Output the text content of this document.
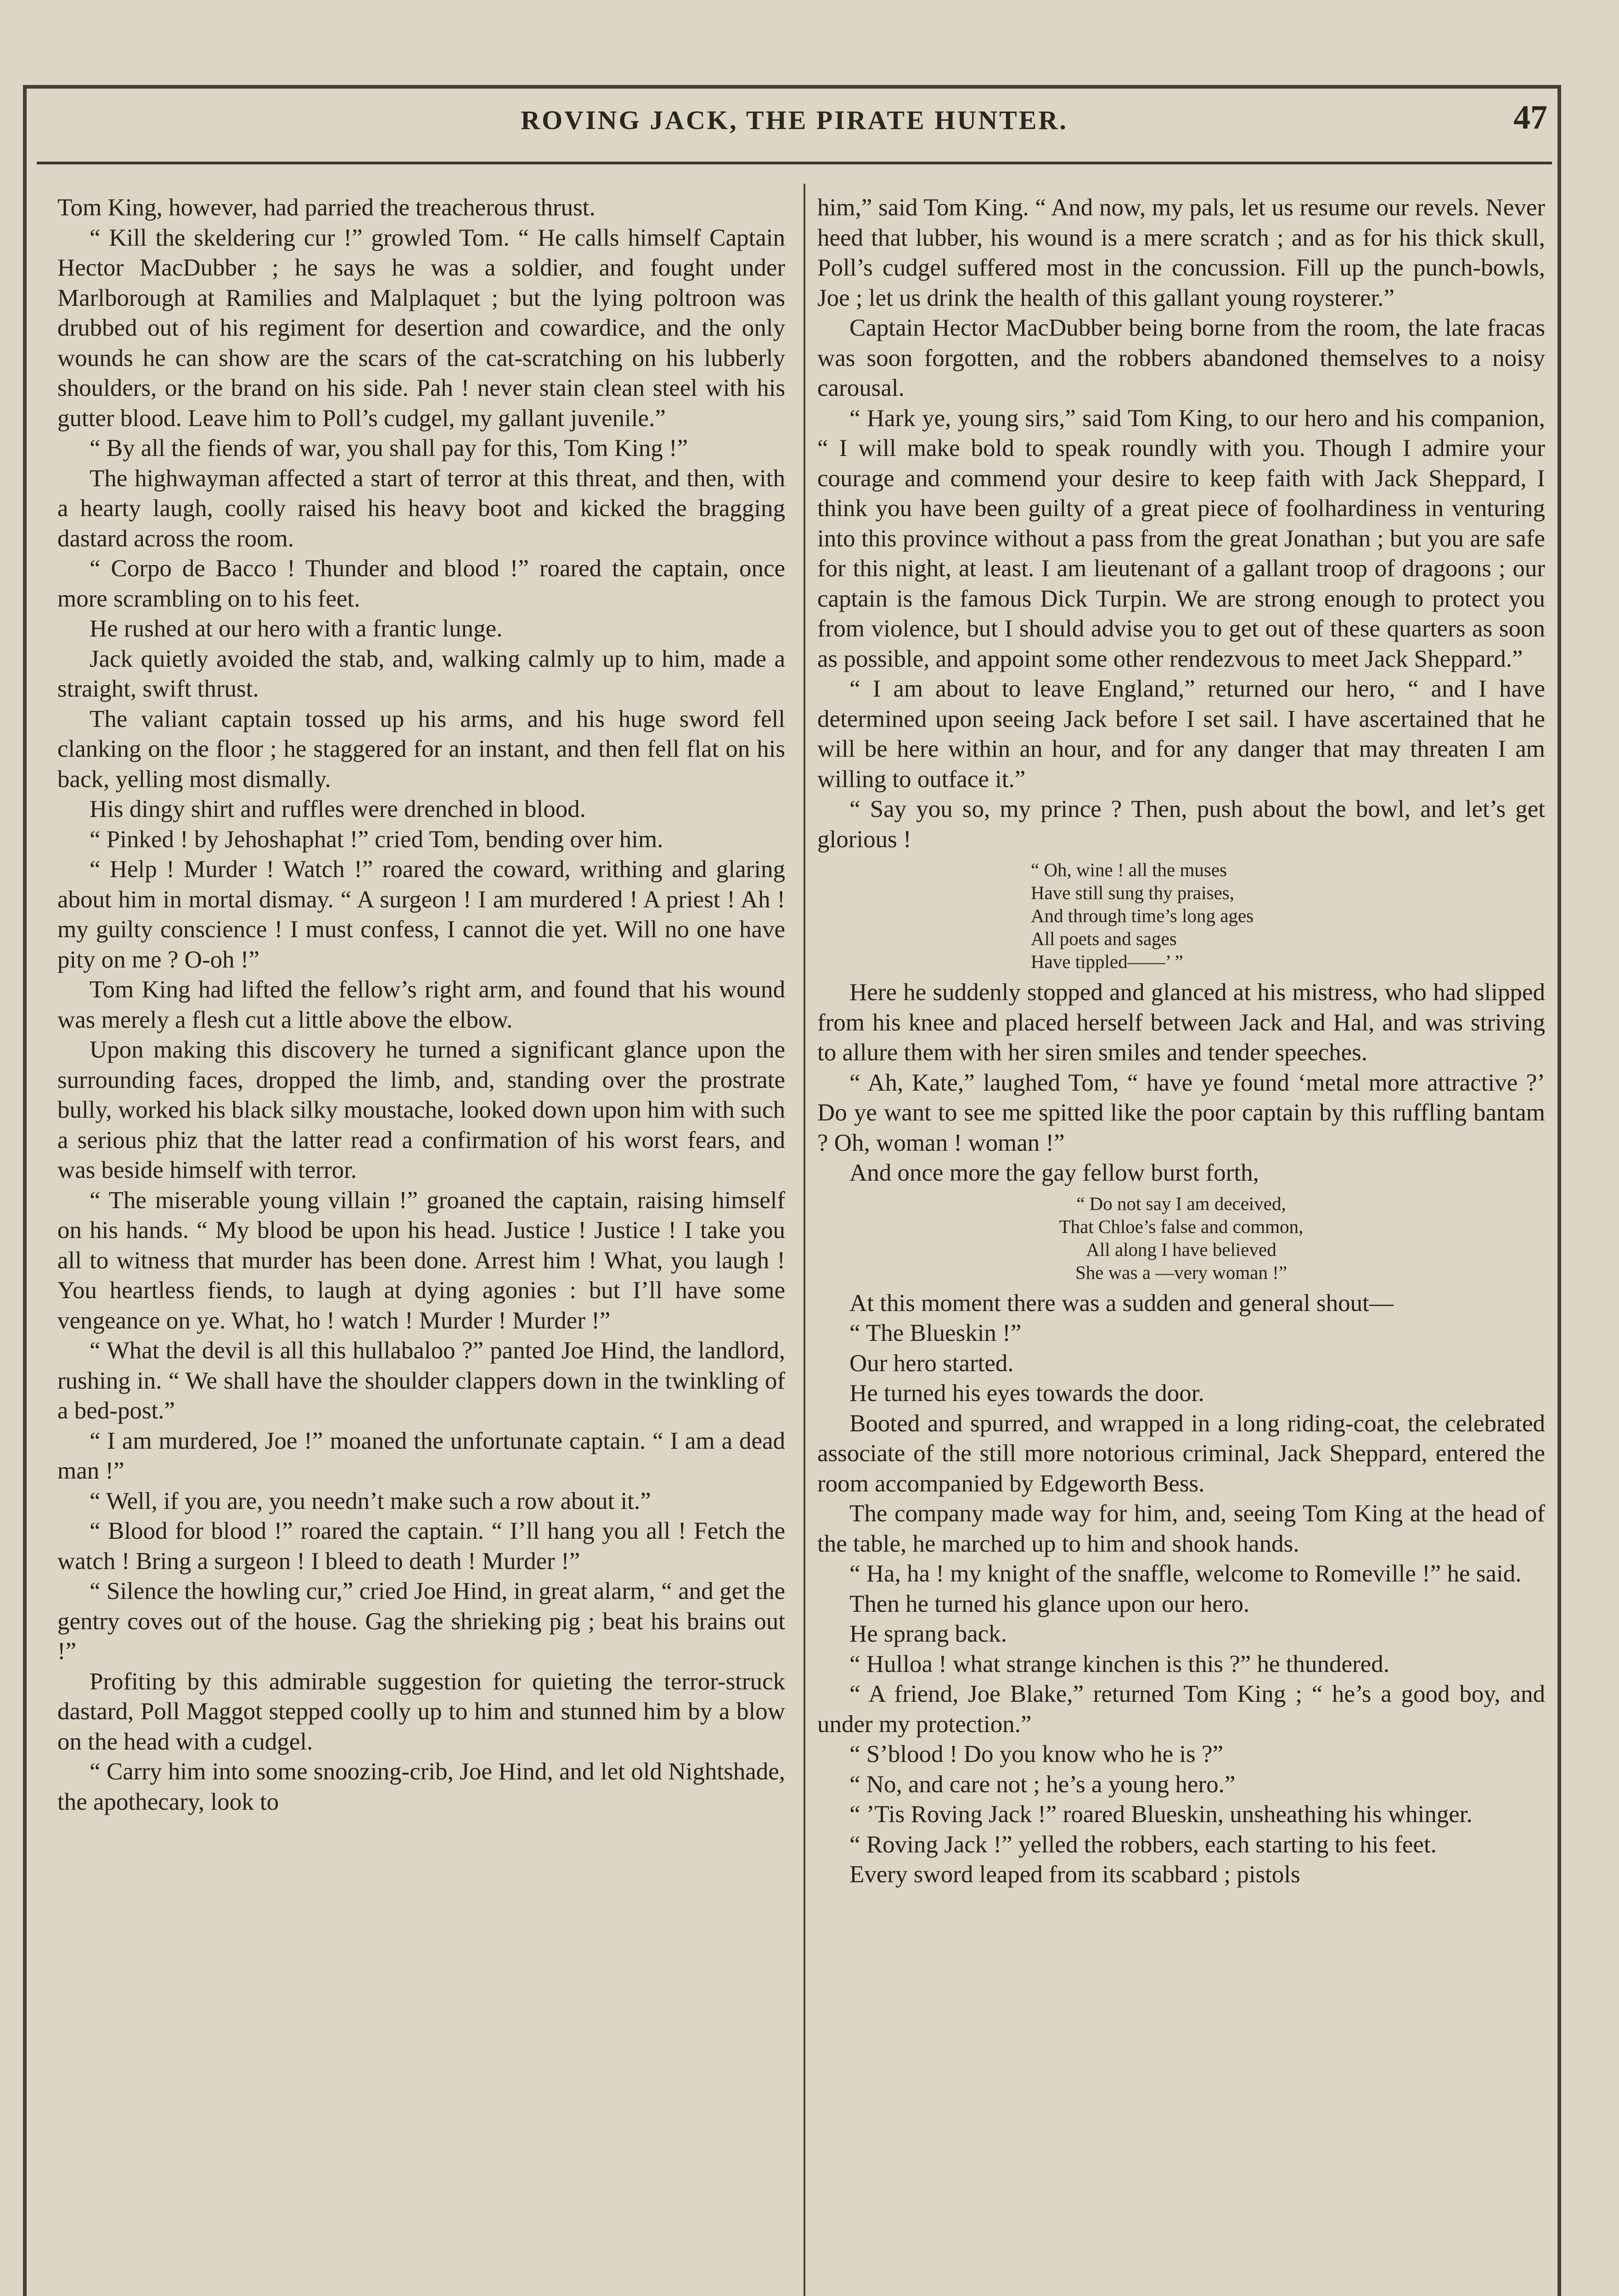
ROVING JACK, THE PIRATE HUNTER.	47

Tom King, however, had parried the treacherous thrust.

“ Kill the skeldering cur !” growled Tom. “ He calls himself Captain Hector MacDubber ; he says he was a soldier, and fought under Marlborough at Ramilies and Malplaquet ; but the lying poltroon was drubbed out of his regiment for desertion and cowardice, and the only wounds he can show are the scars of the cat-scratching on his lubberly shoulders, or the brand on his side. Pah ! never stain clean steel with his gutter blood. Leave him to Poll’s cudgel, my gallant juvenile.”

“ By all the fiends of war, you shall pay for this, Tom King !”

The highwayman affected a start of terror at this threat, and then, with a hearty laugh, coolly raised his heavy boot and kicked the bragging dastard across the room.

“ Corpo de Bacco ! Thunder and blood !” roared the captain, once more scrambling on to his feet.

He rushed at our hero with a frantic lunge.

Jack quietly avoided the stab, and, walking calmly up to him, made a straight, swift thrust.

The valiant captain tossed up his arms, and his huge sword fell clanking on the floor ; he staggered for an instant, and then fell flat on his back, yelling most dismally.

His dingy shirt and ruffles were drenched in blood.

“ Pinked ! by Jehoshaphat !” cried Tom, bending over him.

“ Help ! Murder ! Watch !” roared the coward, writhing and glaring about him in mortal dismay. “ A surgeon ! I am murdered ! A priest ! Ah ! my guilty conscience ! I must confess, I cannot die yet. Will no one have pity on me ? O-oh !”

Tom King had lifted the fellow’s right arm, and found that his wound was merely a flesh cut a little above the elbow.

Upon making this discovery he turned a significant glance upon the surrounding faces, dropped the limb, and, standing over the prostrate bully, worked his black silky moustache, looked down upon him with such a serious phiz that the latter read a confirmation of his worst fears, and was beside himself with terror.

“ The miserable young villain !” groaned the captain, raising himself on his hands. “ My blood be upon his head. Justice ! Justice ! I take you all to witness that murder has been done. Arrest him ! What, you laugh ! You heartless fiends, to laugh at dying agonies : but I’ll have some vengeance on ye. What, ho ! watch ! Murder ! Murder !”

“ What the devil is all this hullabaloo ?” panted Joe Hind, the landlord, rushing in. “ We shall have the shoulder clappers down in the twinkling of a bed-post.”

“ I am murdered, Joe !” moaned the unfortunate captain. “ I am a dead man !”

“ Well, if you are, you needn’t make such a row about it.”

“ Blood for blood !” roared the captain. “ I’ll hang you all ! Fetch the watch ! Bring a surgeon ! I bleed to death ! Murder !”

“ Silence the howling cur,” cried Joe Hind, in great alarm, “ and get the gentry coves out of the house. Gag the shrieking pig ; beat his brains out !”

Profiting by this admirable suggestion for quieting the terror-struck dastard, Poll Maggot stepped coolly up to him and stunned him by a blow on the head with a cudgel.

“ Carry him into some snoozing-crib, Joe Hind, and let old Nightshade, the apothecary, look to

him,” said Tom King. “ And now, my pals, let us resume our revels. Never heed that lubber, his wound is a mere scratch ; and as for his thick skull, Poll’s cudgel suffered most in the concussion. Fill up the punch-bowls, Joe ; let us drink the health of this gallant young roysterer.”

Captain Hector MacDubber being borne from the room, the late fracas was soon forgotten, and the robbers abandoned themselves to a noisy carousal.

“ Hark ye, young sirs,” said Tom King, to our hero and his companion, “ I will make bold to speak roundly with you. Though I admire your courage and commend your desire to keep faith with Jack Sheppard, I think you have been guilty of a great piece of foolhardiness in venturing into this province without a pass from the great Jonathan ; but you are safe for this night, at least. I am lieutenant of a gallant troop of dragoons ; our captain is the famous Dick Turpin. We are strong enough to protect you from violence, but I should advise you to get out of these quarters as soon as possible, and appoint some other rendezvous to meet Jack Sheppard.”

“ I am about to leave England,” returned our hero, “ and I have determined upon seeing Jack before I set sail. I have ascertained that he will be here within an hour, and for any danger that may threaten I am willing to outface it.”

“ Say you so, my prince ? Then, push about the bowl, and let’s get glorious !

“ Oh, wine ! all the muses
Have still sung thy praises,
And through time’s long ages
All poets and sages
Have tippled——’ ”

Here he suddenly stopped and glanced at his mistress, who had slipped from his knee and placed herself between Jack and Hal, and was striving to allure them with her siren smiles and tender speeches.

“ Ah, Kate,” laughed Tom, “ have ye found ‘metal more attractive ?’ Do ye want to see me spitted like the poor captain by this ruffling bantam ? Oh, woman ! woman !”

And once more the gay fellow burst forth,

“ Do not say I am deceived,
That Chloe’s false and common,
All along I have believed
She was a —very woman !”

At this moment there was a sudden and general shout—

“ The Blueskin !”

Our hero started.

He turned his eyes towards the door.

Booted and spurred, and wrapped in a long riding-coat, the celebrated associate of the still more notorious criminal, Jack Sheppard, entered the room accompanied by Edgeworth Bess.

The company made way for him, and, seeing Tom King at the head of the table, he marched up to him and shook hands.

“ Ha, ha ! my knight of the snaffle, welcome to Romeville !” he said.

Then he turned his glance upon our hero.

He sprang back.

“ Hulloa ! what strange kinchen is this ?” he thundered.

“ A friend, Joe Blake,” returned Tom King ; “ he’s a good boy, and under my protection.”

“ S’blood ! Do you know who he is ?”

“ No, and care not ; he’s a young hero.”

“ ’Tis Roving Jack !” roared Blueskin, unsheathing his whinger.

“ Roving Jack !” yelled the robbers, each starting to his feet.

Every sword leaped from its scabbard ; pistols
